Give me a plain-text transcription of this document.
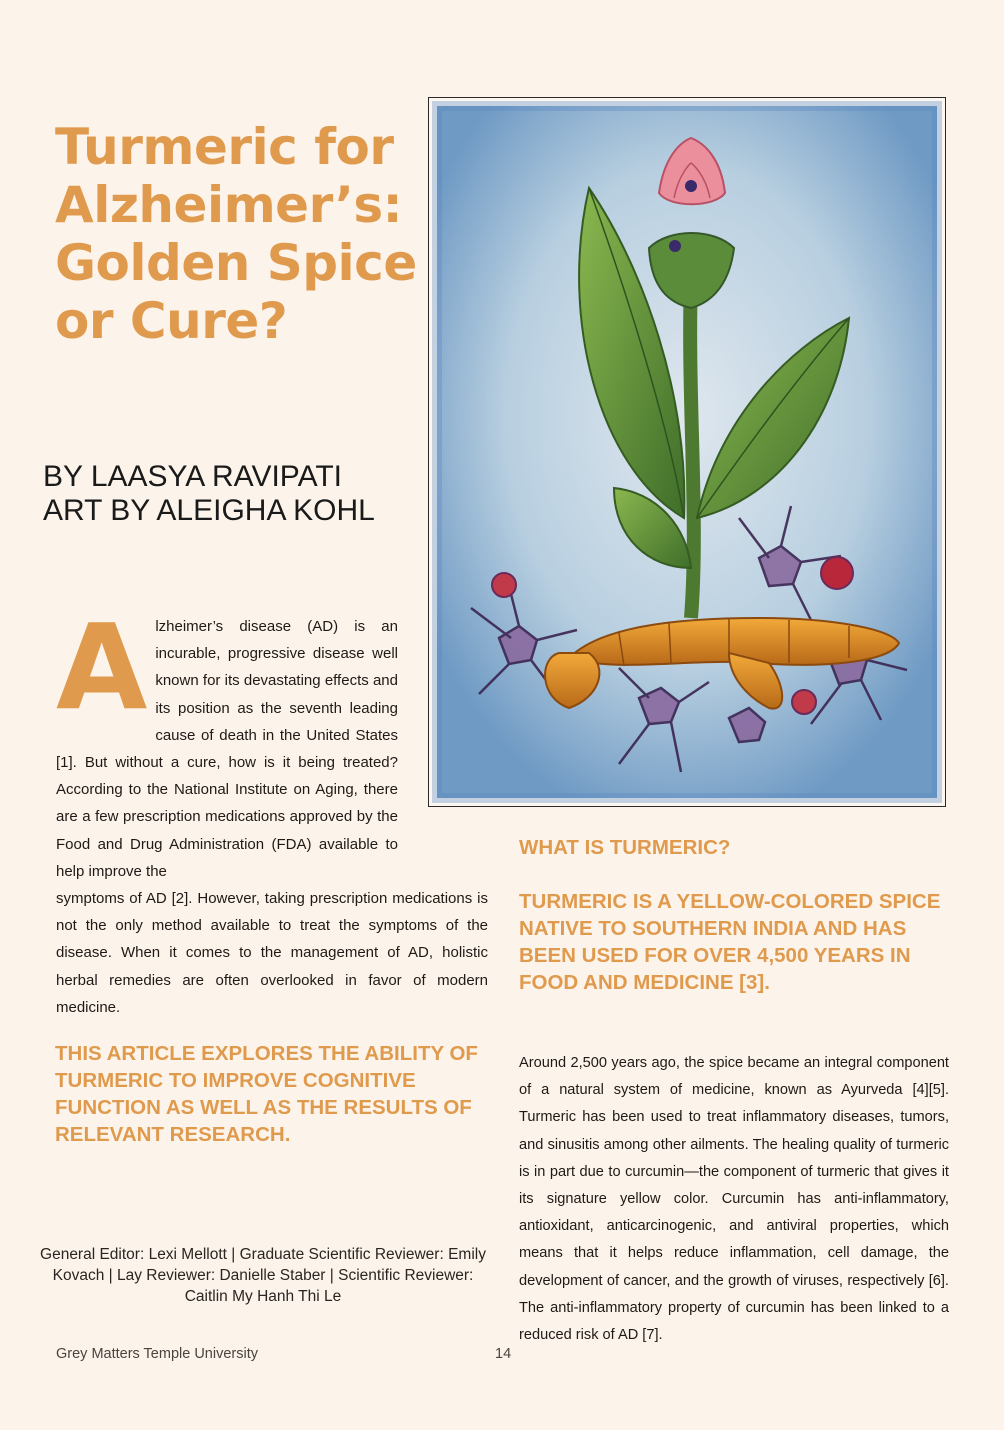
Turmeric for Alzheimer’s: Golden Spice or Cure?
BY LAASYA RAVIPATI
ART BY ALEIGHA KOHL

Alzheimer’s disease (AD) is an incurable, progressive disease well known for its devastating effects and its position as the seventh leading cause of death in the United States [1]. But without a cure, how is it being treated? According to the National Institute on Aging, there are a few prescription medications approved by the Food and Drug Administration (FDA) available to help improve the

symptoms of AD [2]. However, taking prescription medications is not the only method available to treat the symptoms of the disease. When it comes to the management of AD, holistic herbal remedies are often overlooked in favor of modern medicine.

THIS ARTICLE EXPLORES THE ABILITY OF TURMERIC TO IMPROVE COGNITIVE FUNCTION AS WELL AS THE RESULTS OF RELEVANT RESEARCH.
General Editor: Lexi Mellott | Graduate Scientific Reviewer: Emily Kovach | Lay Reviewer: Danielle Staber | Scientific Reviewer: Caitlin My Hanh Thi Le
WHAT IS TURMERIC?
TURMERIC IS A YELLOW-COLORED SPICE NATIVE TO SOUTHERN INDIA AND HAS BEEN USED FOR OVER 4,500 YEARS IN FOOD AND MEDICINE [3].

Around 2,500 years ago, the spice became an integral component of a natural system of medicine, known as Ayurveda [4][5]. Turmeric has been used to treat inflammatory diseases, tumors, and sinusitis among other ailments. The healing quality of turmeric is in part due to curcumin—the component of turmeric that gives it its signature yellow color. Curcumin has anti-inflammatory, antioxidant, anticarcinogenic, and antiviral properties, which means that it helps reduce inflammation, cell damage, the development of cancer, and the growth of viruses, respectively [6]. The anti-inflammatory property of curcumin has been linked to a reduced risk of AD [7].

Grey Matters Temple University	14
